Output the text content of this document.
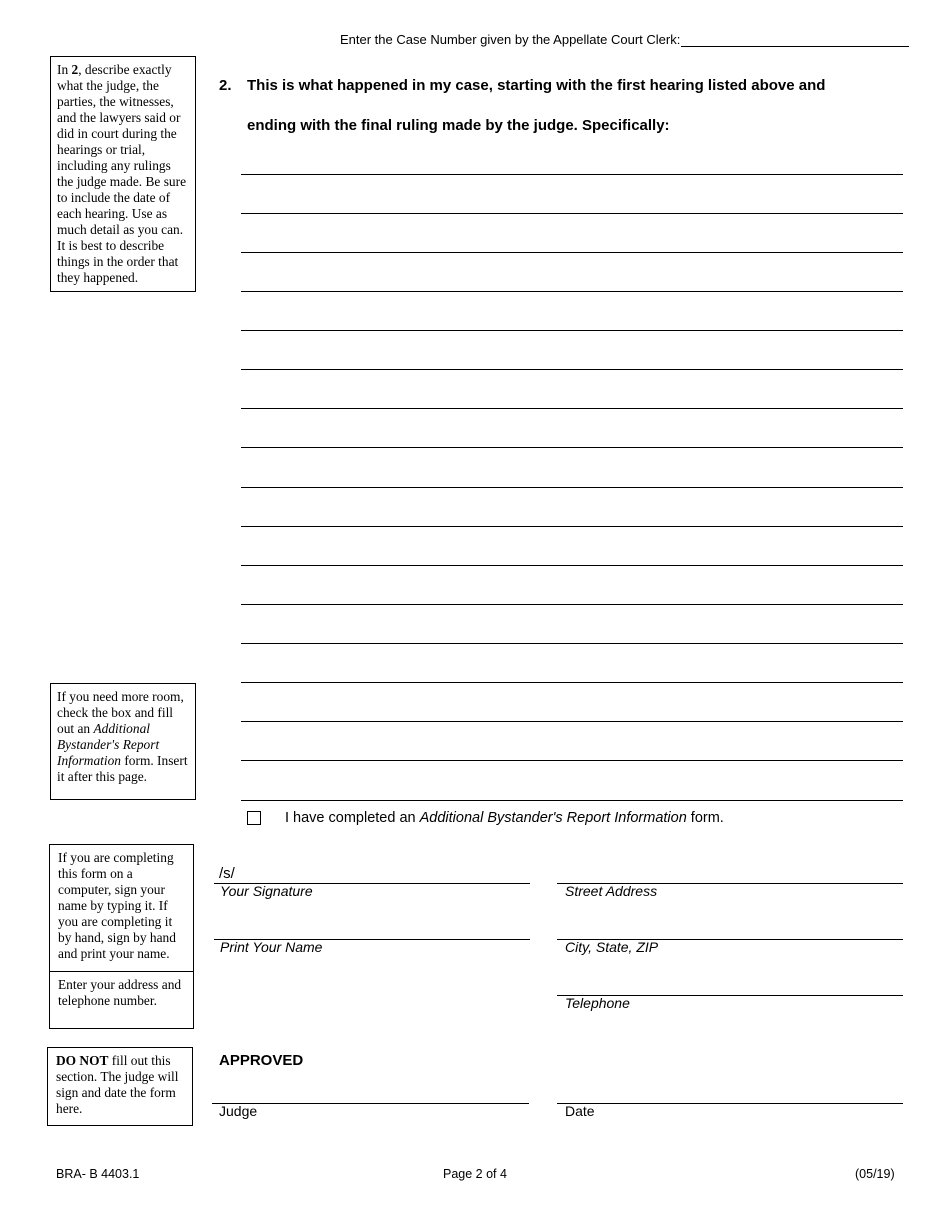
Enter the Case Number given by the Appellate Court Clerk:
In 2, describe exactly what the judge, the parties, the witnesses, and the lawyers said or did in court during the hearings or trial, including any rulings the judge made. Be sure to include the date of each hearing. Use as much detail as you can. It is best to describe things in the order that they happened.
If you need more room, check the box and fill out an Additional Bystander's Report Information form. Insert it after this page.
If you are completing this form on a computer, sign your name by typing it. If you are completing it by hand, sign by hand and print your name.
Enter your address and telephone number.
DO NOT fill out this section. The judge will sign and date the form here.
2. This is what happened in my case, starting with the first hearing listed above and
ending with the final ruling made by the judge. Specifically:
I have completed an Additional Bystander's Report Information form.
/s/
Your Signature
Print Your Name
Street Address
City, State, ZIP
Telephone
APPROVED
Judge	Date
BRA- B 4403.1	Page 2 of 4	(05/19)
